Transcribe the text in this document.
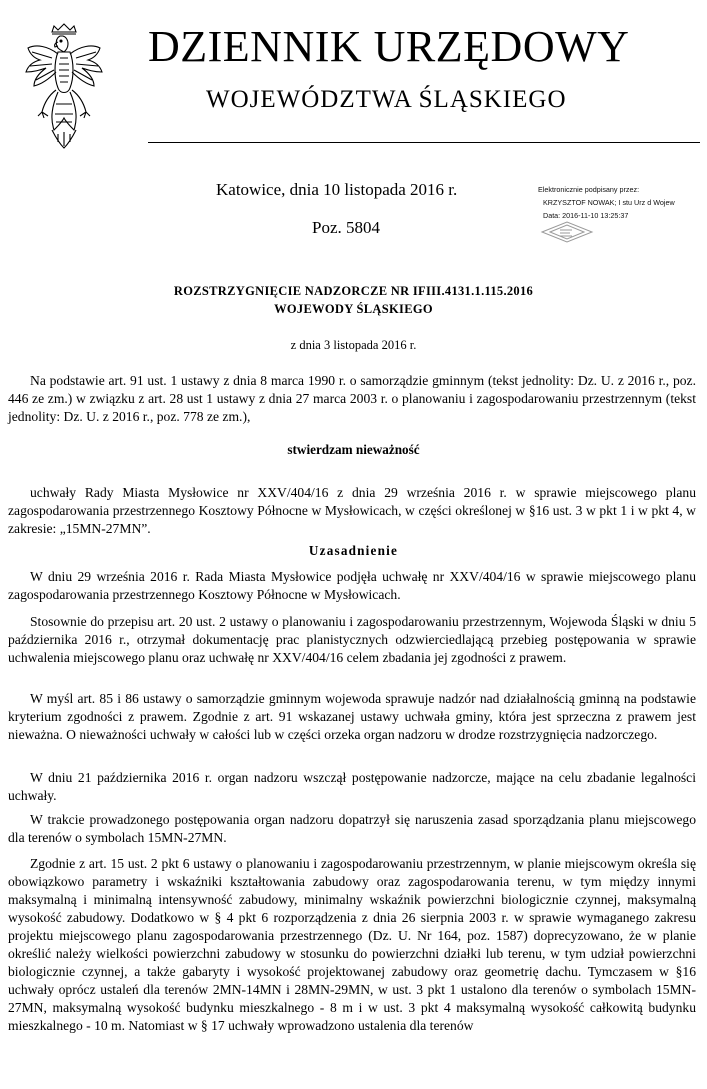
DZIENNIK URZĘDOWY
WOJEWÓDZTWA ŚLĄSKIEGO
Katowice, dnia 10 listopada 2016 r.
Poz. 5804
Elektronicznie podpisany przez:
KRZYSZTOF NOWAK; I stu Urz d Wojew
Data: 2016-11-10 13:25:37
ROZSTRZYGNIĘCIE NADZORCZE NR IFIII.4131.1.115.2016
WOJEWODY ŚLĄSKIEGO
z dnia 3 listopada 2016 r.
Na podstawie art. 91 ust. 1 ustawy z dnia 8 marca 1990 r. o samorządzie gminnym (tekst jednolity: Dz. U. z 2016 r., poz. 446 ze zm.) w związku z art. 28 ust 1 ustawy z dnia 27 marca 2003 r. o planowaniu i zagospodarowaniu przestrzennym (tekst jednolity: Dz. U. z 2016 r., poz. 778 ze zm.),
stwierdzam nieważność
uchwały Rady Miasta Mysłowice nr XXV/404/16 z dnia 29 września 2016 r. w sprawie miejscowego planu zagospodarowania przestrzennego Kosztowy Północne w Mysłowicach, w części określonej w §16 ust. 3 w pkt 1 i w pkt 4, w zakresie: „15MN-27MN”.
Uzasadnienie
W dniu 29 września 2016 r. Rada Miasta Mysłowice podjęła uchwałę nr XXV/404/16 w sprawie miejscowego planu zagospodarowania przestrzennego Kosztowy Północne w Mysłowicach.
Stosownie do przepisu art. 20 ust. 2 ustawy o planowaniu i zagospodarowaniu przestrzennym, Wojewoda Śląski w dniu 5 października 2016 r., otrzymał dokumentację prac planistycznych odzwierciedlającą przebieg postępowania w sprawie uchwalenia miejscowego planu oraz uchwałę nr XXV/404/16 celem zbadania jej zgodności z prawem.
W myśl art. 85 i 86 ustawy o samorządzie gminnym wojewoda sprawuje nadzór nad działalnością gminną na podstawie kryterium zgodności z prawem. Zgodnie z art. 91 wskazanej ustawy uchwała gminy, która jest sprzeczna z prawem jest nieważna. O nieważności uchwały w całości lub w części orzeka organ nadzoru w drodze rozstrzygnięcia nadzorczego.
W dniu 21 października 2016 r. organ nadzoru wszczął postępowanie nadzorcze, mające na celu zbadanie legalności uchwały.
W trakcie prowadzonego postępowania organ nadzoru dopatrzył się naruszenia zasad sporządzania planu miejscowego dla terenów o symbolach 15MN-27MN.
Zgodnie z art. 15 ust. 2 pkt 6 ustawy o planowaniu i zagospodarowaniu przestrzennym, w planie miejscowym określa się obowiązkowo parametry i wskaźniki kształtowania zabudowy oraz zagospodarowania terenu, w tym między innymi maksymalną i minimalną intensywność zabudowy, minimalny wskaźnik powierzchni biologicznie czynnej, maksymalną wysokość zabudowy. Dodatkowo w § 4 pkt 6 rozporządzenia z dnia 26 sierpnia 2003 r. w sprawie wymaganego zakresu projektu miejscowego planu zagospodarowania przestrzennego (Dz. U. Nr 164, poz. 1587) doprecyzowano, że w planie określić należy wielkości powierzchni zabudowy w stosunku do powierzchni działki lub terenu, w tym udział powierzchni biologicznie czynnej, a także gabaryty i wysokość projektowanej zabudowy oraz geometrię dachu. Tymczasem w §16 uchwały oprócz ustaleń dla terenów 2MN-14MN i 28MN-29MN, w ust. 3 pkt 1 ustalono dla terenów o symbolach 15MN-27MN, maksymalną wysokość budynku mieszkalnego - 8 m i w ust. 3 pkt 4 maksymalną wysokość całkowitą budynku mieszkalnego - 10 m. Natomiast w § 17 uchwały wprowadzono ustalenia dla terenów
